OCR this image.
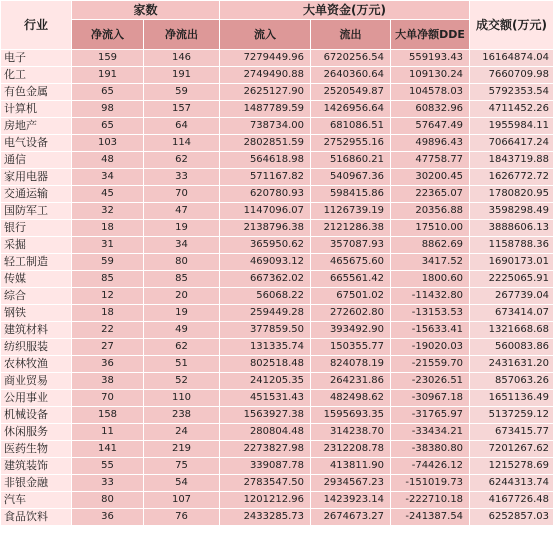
行业	家数		大单资金(万元)			成交额(万元)
	净流入	净流出	流入	流出	大单净额DDE	
电子	159	146	7279449.96	6720256.54	559193.43	16164874.04
化工	191	191	2749490.88	2640360.64	109130.24	7660709.98
有色金属	65	59	2625127.90	2520549.87	104578.03	5792353.54
计算机	98	157	1487789.59	1426956.64	60832.96	4711452.26
房地产	65	64	738734.00	681086.51	57647.49	1955984.11
电气设备	103	114	2802851.59	2752955.16	49896.43	7066417.24
通信	48	62	564618.98	516860.21	47758.77	1843719.88
家用电器	34	33	571167.82	540967.36	30200.45	1626772.72
交通运输	45	70	620780.93	598415.86	22365.07	1780820.95
国防军工	32	47	1147096.07	1126739.19	20356.88	3598298.49
银行	18	19	2138796.38	2121286.38	17510.00	3888606.13
采掘	31	34	365950.62	357087.93	8862.69	1158788.36
轻工制造	59	80	469093.12	465675.60	3417.52	1690173.01
传媒	85	85	667362.02	665561.42	1800.60	2225065.91
综合	12	20	56068.22	67501.02	-11432.80	267739.04
钢铁	18	19	259449.28	272602.80	-13153.53	673414.07
建筑材料	22	49	377859.50	393492.90	-15633.41	1321668.68
纺织服装	27	62	131335.74	150355.77	-19020.03	560083.86
农林牧渔	36	51	802518.48	824078.19	-21559.70	2431631.20
商业贸易	38	52	241205.35	264231.86	-23026.51	857063.26
公用事业	70	110	451531.43	482498.62	-30967.18	1651136.49
机械设备	158	238	1563927.38	1595693.35	-31765.97	5137259.12
休闲服务	11	24	280804.48	314238.70	-33434.21	673415.77
医药生物	141	219	2273827.98	2312208.78	-38380.80	7201267.62
建筑装饰	55	75	339087.78	413811.90	-74426.12	1215278.69
非银金融	33	54	2783547.50	2934567.23	-151019.73	6244313.74
汽车	80	107	1201212.96	1423923.14	-222710.18	4167726.48
食品饮料	36	76	2433285.73	2674673.27	-241387.54	6252857.03
